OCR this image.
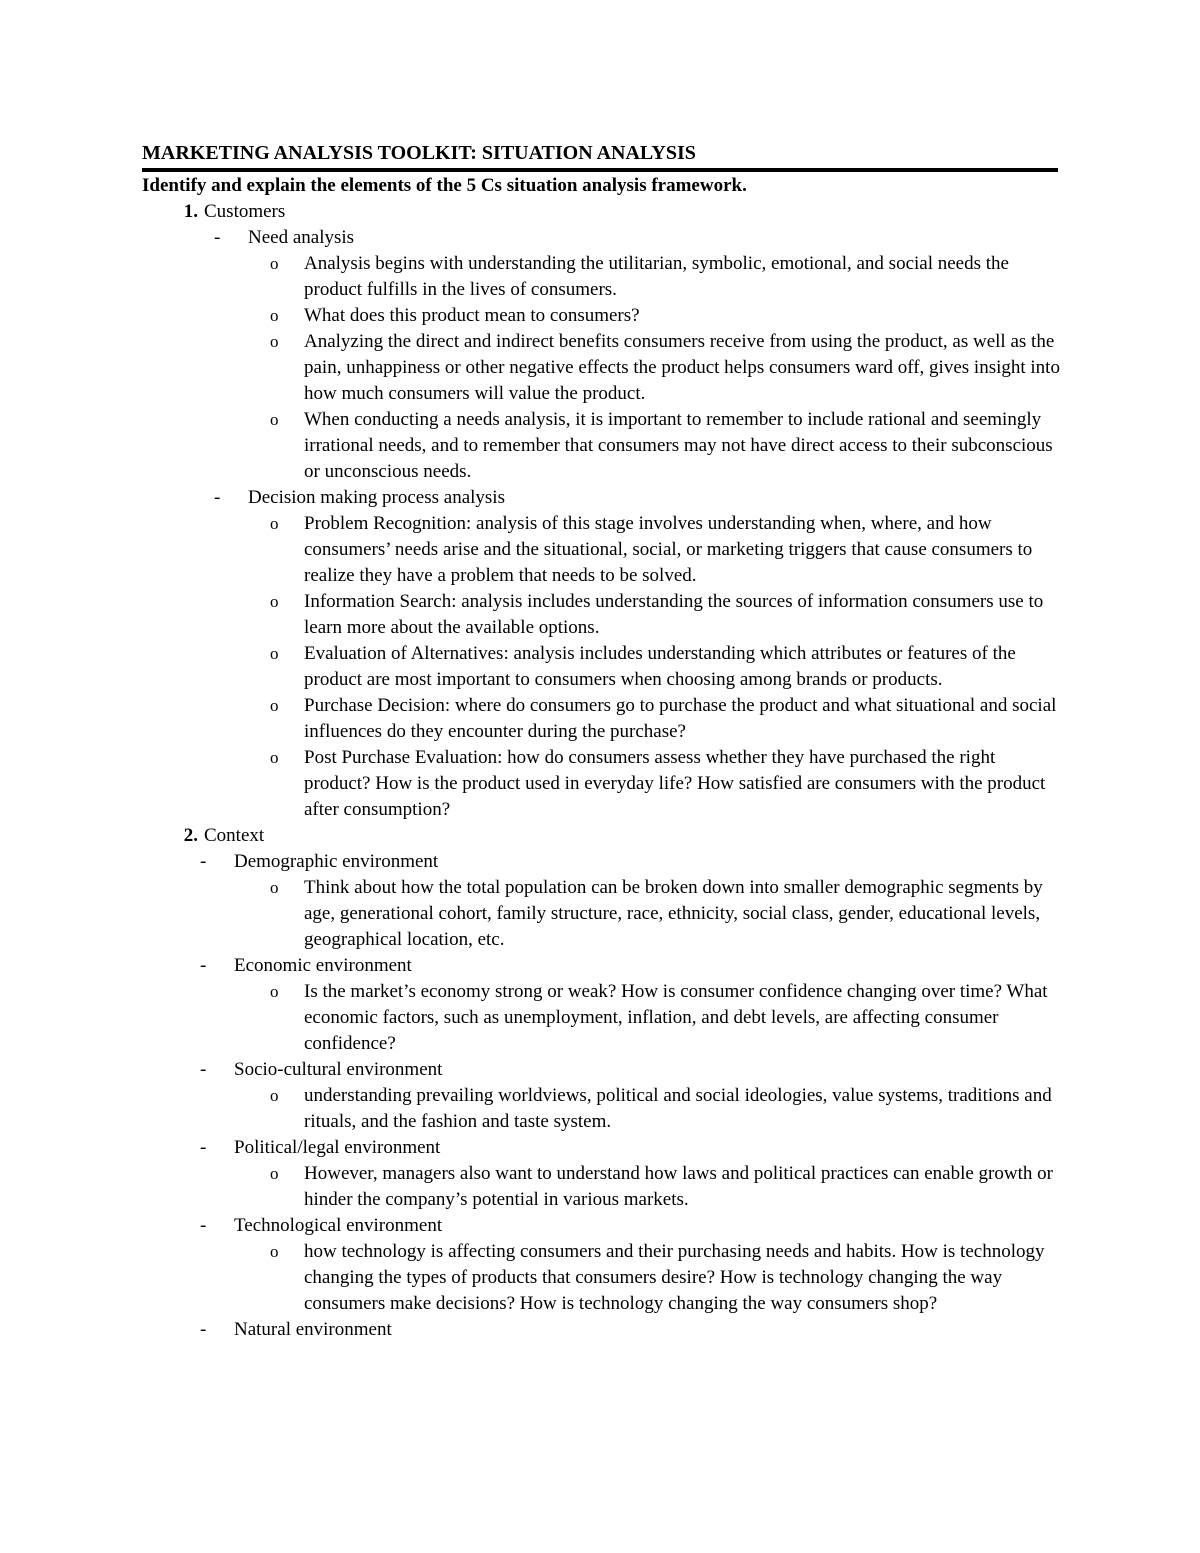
MARKETING ANALYSIS TOOLKIT: SITUATION ANALYSIS
Identify and explain the elements of the 5 Cs situation analysis framework.
1. Customers
- Need analysis
o Analysis begins with understanding the utilitarian, symbolic, emotional, and social needs the product fulfills in the lives of consumers.
o What does this product mean to consumers?
o Analyzing the direct and indirect benefits consumers receive from using the product, as well as the pain, unhappiness or other negative effects the product helps consumers ward off, gives insight into how much consumers will value the product.
o When conducting a needs analysis, it is important to remember to include rational and seemingly irrational needs, and to remember that consumers may not have direct access to their subconscious or unconscious needs.
- Decision making process analysis
o Problem Recognition: analysis of this stage involves understanding when, where, and how consumers’ needs arise and the situational, social, or marketing triggers that cause consumers to realize they have a problem that needs to be solved.
o Information Search: analysis includes understanding the sources of information consumers use to learn more about the available options.
o Evaluation of Alternatives: analysis includes understanding which attributes or features of the product are most important to consumers when choosing among brands or products.
o Purchase Decision: where do consumers go to purchase the product and what situational and social influences do they encounter during the purchase?
o Post Purchase Evaluation: how do consumers assess whether they have purchased the right product? How is the product used in everyday life? How satisfied are consumers with the product after consumption?
2. Context
- Demographic environment
o Think about how the total population can be broken down into smaller demographic segments by age, generational cohort, family structure, race, ethnicity, social class, gender, educational levels, geographical location, etc.
- Economic environment
o Is the market’s economy strong or weak? How is consumer confidence changing over time? What economic factors, such as unemployment, inflation, and debt levels, are affecting consumer confidence?
- Socio-cultural environment
o understanding prevailing worldviews, political and social ideologies, value systems, traditions and rituals, and the fashion and taste system.
- Political/legal environment
o However, managers also want to understand how laws and political practices can enable growth or hinder the company’s potential in various markets.
- Technological environment
o how technology is affecting consumers and their purchasing needs and habits. How is technology changing the types of products that consumers desire? How is technology changing the way consumers make decisions? How is technology changing the way consumers shop?
- Natural environment
